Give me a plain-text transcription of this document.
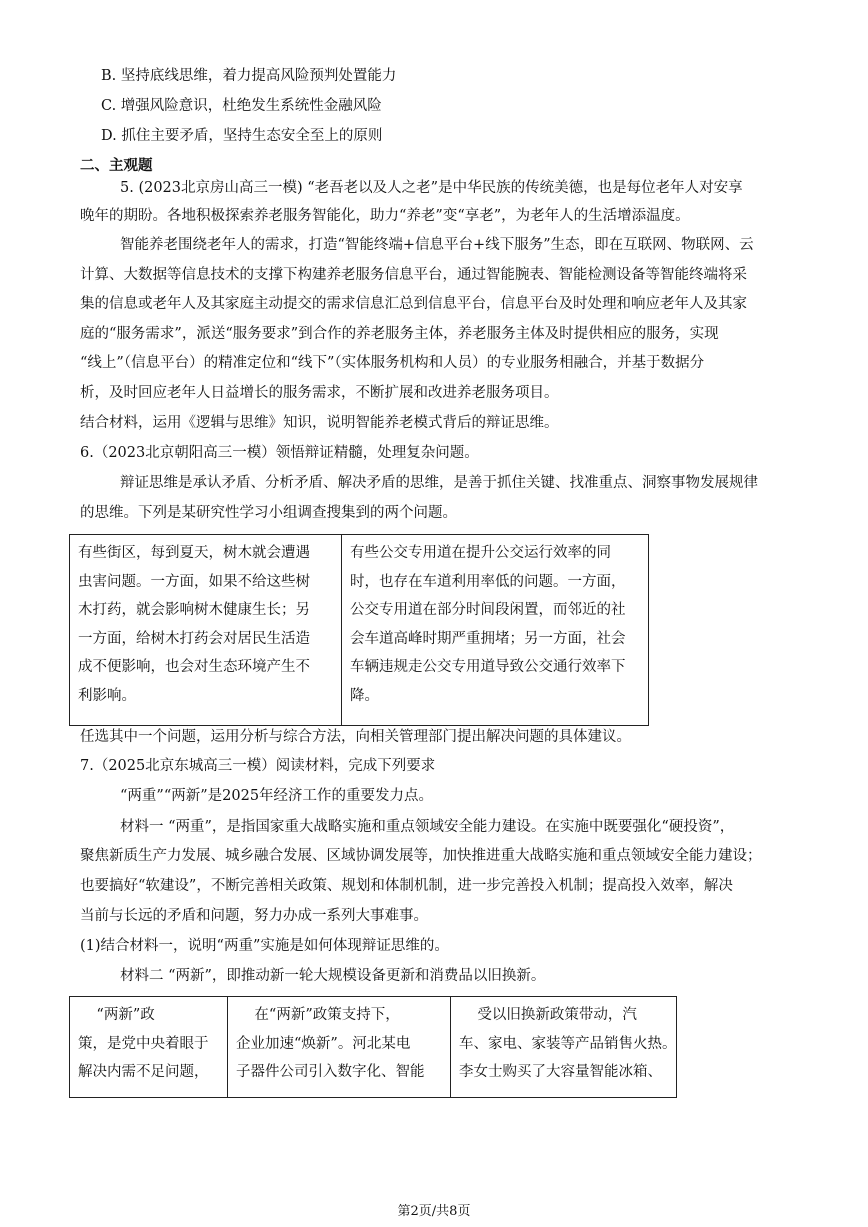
B. 坚持底线思维，着力提高风险预判处置能力
C. 增强风险意识，杜绝发生系统性金融风险
D. 抓住主要矛盾，坚持生态安全至上的原则
二、主观题
5. (2023北京房山高三一模) “老吾老以及人之老”是中华民族的传统美德，也是每位老年人对安享
晚年的期盼。各地积极探索养老服务智能化，助力“养老”变“享老”，为老年人的生活增添温度。
智能养老围绕老年人的需求，打造“智能终端+信息平台+线下服务”生态，即在互联网、物联网、云
计算、大数据等信息技术的支撑下构建养老服务信息平台，通过智能腕表、智能检测设备等智能终端将采
集的信息或老年人及其家庭主动提交的需求信息汇总到信息平台，信息平台及时处理和响应老年人及其家
庭的“服务需求”，派送“服务要求”到合作的养老服务主体，养老服务主体及时提供相应的服务，实现
“线上”（信息平台）的精准定位和“线下”（实体服务机构和人员）的专业服务相融合，并基于数据分
析，及时回应老年人日益增长的服务需求，不断扩展和改进养老服务项目。
结合材料，运用《逻辑与思维》知识，说明智能养老模式背后的辩证思维。
6.（2023北京朝阳高三一模）领悟辩证精髓，处理复杂问题。
辩证思维是承认矛盾、分析矛盾、解决矛盾的思维，是善于抓住关键、找准重点、洞察事物发展规律
的思维。下列是某研究性学习小组调查搜集到的两个问题。
有些街区，每到夏天，树木就会遭遇
虫害问题。一方面，如果不给这些树
木打药，就会影响树木健康生长；另
一方面，给树木打药会对居民生活造
成不便影响，也会对生态环境产生不
利影响。

有些公交专用道在提升公交运行效率的同
时，也存在车道利用率低的问题。一方面，
公交专用道在部分时间段闲置，而邻近的社
会车道高峰时期严重拥堵；另一方面，社会
车辆违规走公交专用道导致公交通行效率下
降。
任选其中一个问题，运用分析与综合方法，向相关管理部门提出解决问题的具体建议。
7.（2025北京东城高三一模）阅读材料，完成下列要求
“两重”“两新”是2025年经济工作的重要发力点。
材料一 “两重”，是指国家重大战略实施和重点领域安全能力建设。在实施中既要强化“硬投资”，
聚焦新质生产力发展、城乡融合发展、区域协调发展等，加快推进重大战略实施和重点领域安全能力建设；
也要搞好“软建设”，不断完善相关政策、规划和体制机制，进一步完善投入机制；提高投入效率，解决
当前与长远的矛盾和问题，努力办成一系列大事难事。
(1)结合材料一，说明“两重”实施是如何体现辩证思维的。
材料二 “两新”，即推动新一轮大规模设备更新和消费品以旧换新。
“两新”政
策，是党中央着眼于
解决内需不足问题，

在“两新”政策支持下，
企业加速“焕新”。河北某电
子器件公司引入数字化、智能

受以旧换新政策带动，汽
车、家电、家装等产品销售火热。
李女士购买了大容量智能冰箱、
第2页/共8页
